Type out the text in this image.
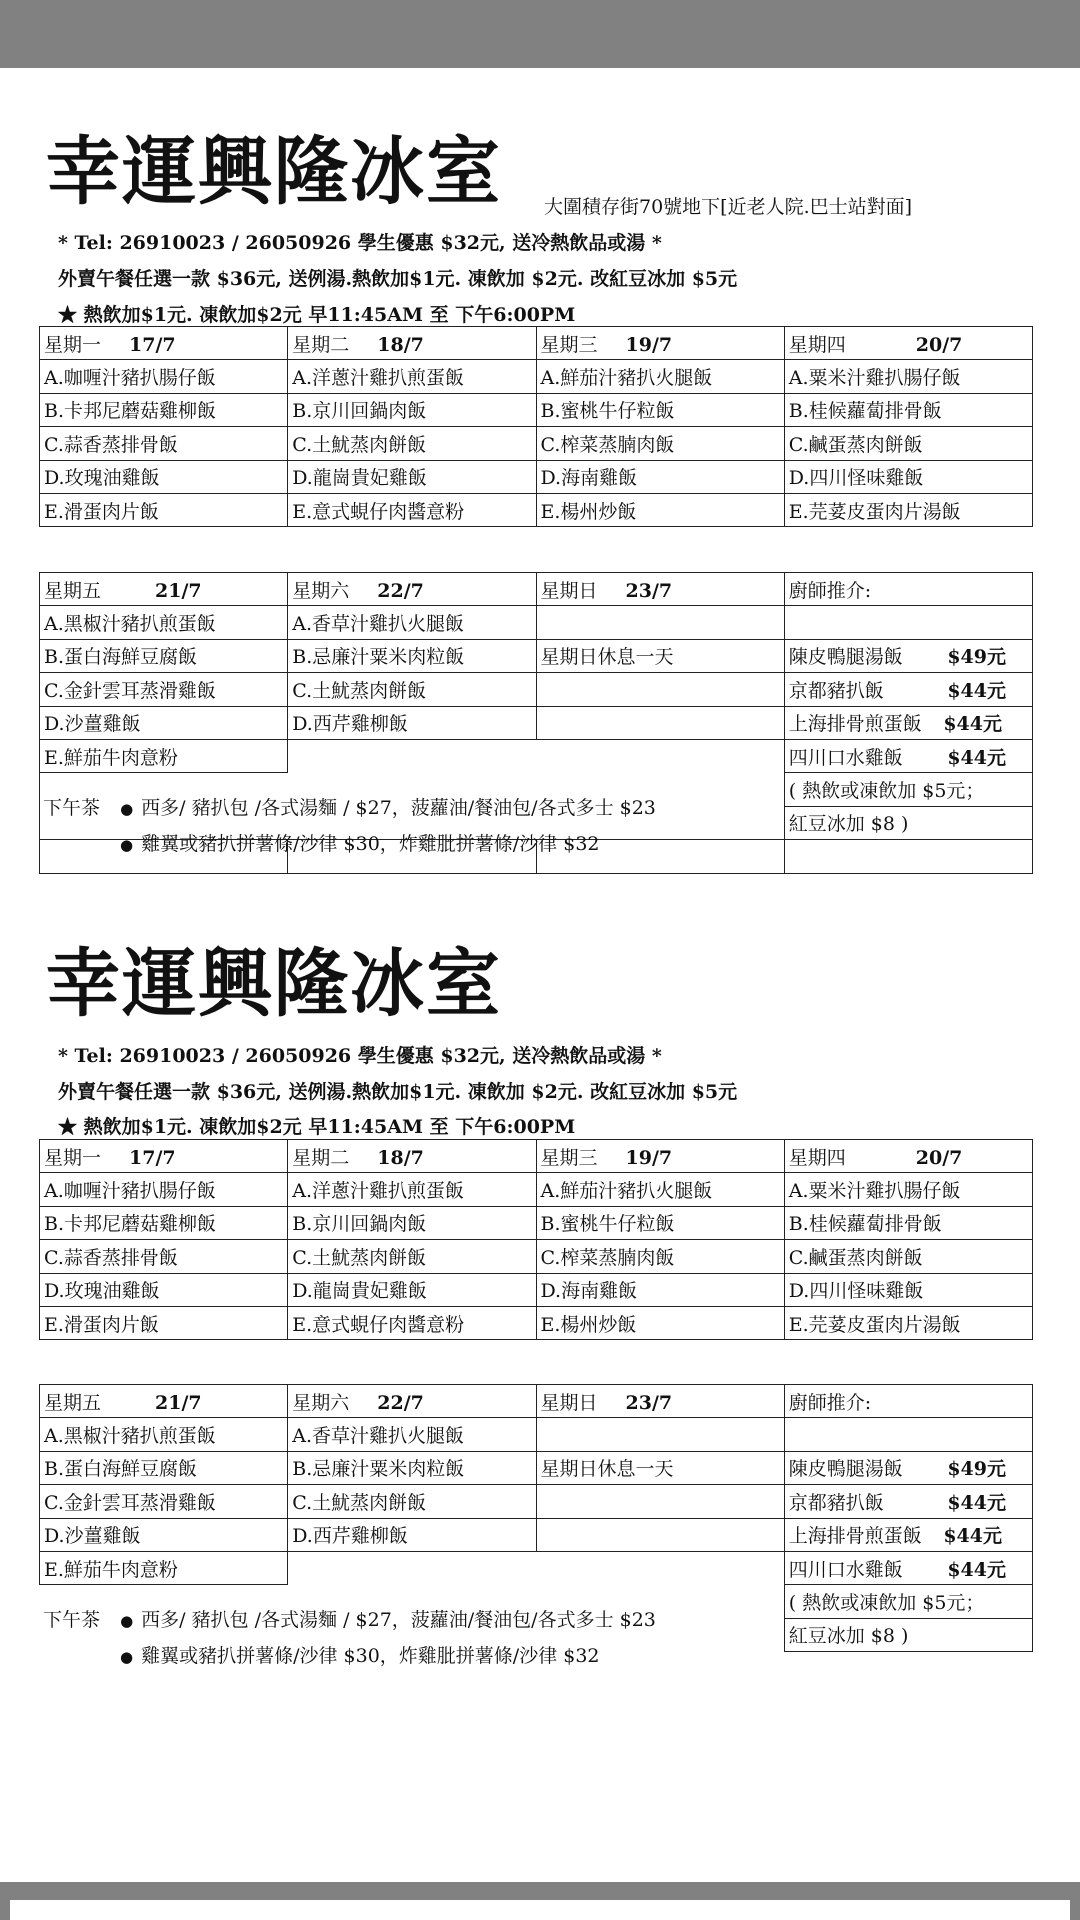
幸運興隆冰室 大圍積存街70號地下[近老人院.巴士站對面]
* Tel: 26910023 / 26050926 學生優惠 $32元, 送冷熱飲品或湯 *
外賣午餐任選一款 $36元, 送例湯.熱飲加$1元. 凍飲加 $2元. 改紅豆冰加 $5元
★ 熱飲加$1元. 凍飲加$2元 早11:45AM 至 下午6:00PM
星期一 17/7	星期二 18/7	星期三 19/7	星期四 20/7
A.咖喱汁豬扒腸仔飯	A.洋蔥汁雞扒煎蛋飯	A.鮮茄汁豬扒火腿飯	A.粟米汁雞扒腸仔飯
B.卡邦尼蘑菇雞柳飯	B.京川回鍋肉飯	B.蜜桃牛仔粒飯	B.桂候蘿蔔排骨飯
C.蒜香蒸排骨飯	C.土魷蒸肉餅飯	C.榨菜蒸腩肉飯	C.鹹蛋蒸肉餅飯
D.玫瑰油雞飯	D.龍崗貴妃雞飯	D.海南雞飯	D.四川怪味雞飯
E.滑蛋肉片飯	E.意式蜆仔肉醬意粉	E.楊州炒飯	E.芫荽皮蛋肉片湯飯
星期五 21/7	星期六 22/7	星期日 23/7	廚師推介:
A.黑椒汁豬扒煎蛋飯	A.香草汁雞扒火腿飯		
B.蛋白海鮮豆腐飯	B.忌廉汁粟米肉粒飯	星期日休息一天	陳皮鴨腿湯飯 $49元

C.金針雲耳蒸滑雞飯	C.土魷蒸肉餅飯		京都豬扒飯 $44元

D.沙薑雞飯	D.西芹雞柳飯		上海排骨煎蛋飯 $44元

E.鮮茄牛肉意粉			四川口水雞飯 $44元

			( 熱飲或凍飲加 $5元；
			紅豆冰加 $8 )

下午茶 ● 西多/ 豬扒包 /各式湯麵 / $27，菠蘿油/餐油包/各式多士 $23
● 雞翼或豬扒拼薯條/沙律 $30，炸雞肶拼薯條/沙律 $32
幸運興隆冰室
* Tel: 26910023 / 26050926 學生優惠 $32元, 送冷熱飲品或湯 *
外賣午餐任選一款 $36元, 送例湯.熱飲加$1元. 凍飲加 $2元. 改紅豆冰加 $5元
★ 熱飲加$1元. 凍飲加$2元 早11:45AM 至 下午6:00PM
星期一 17/7	星期二 18/7	星期三 19/7	星期四 20/7
A.咖喱汁豬扒腸仔飯	A.洋蔥汁雞扒煎蛋飯	A.鮮茄汁豬扒火腿飯	A.粟米汁雞扒腸仔飯
B.卡邦尼蘑菇雞柳飯	B.京川回鍋肉飯	B.蜜桃牛仔粒飯	B.桂候蘿蔔排骨飯
C.蒜香蒸排骨飯	C.土魷蒸肉餅飯	C.榨菜蒸腩肉飯	C.鹹蛋蒸肉餅飯
D.玫瑰油雞飯	D.龍崗貴妃雞飯	D.海南雞飯	D.四川怪味雞飯
E.滑蛋肉片飯	E.意式蜆仔肉醬意粉	E.楊州炒飯	E.芫荽皮蛋肉片湯飯
星期五 21/7	星期六 22/7	星期日 23/7	廚師推介:
A.黑椒汁豬扒煎蛋飯	A.香草汁雞扒火腿飯		
B.蛋白海鮮豆腐飯	B.忌廉汁粟米肉粒飯	星期日休息一天	陳皮鴨腿湯飯 $49元

C.金針雲耳蒸滑雞飯	C.土魷蒸肉餅飯		京都豬扒飯 $44元

D.沙薑雞飯	D.西芹雞柳飯		上海排骨煎蛋飯 $44元

E.鮮茄牛肉意粉			四川口水雞飯 $44元

			( 熱飲或凍飲加 $5元；
			紅豆冰加 $8 )
下午茶 ● 西多/ 豬扒包 /各式湯麵 / $27，菠蘿油/餐油包/各式多士 $23
● 雞翼或豬扒拼薯條/沙律 $30，炸雞肶拼薯條/沙律 $32
